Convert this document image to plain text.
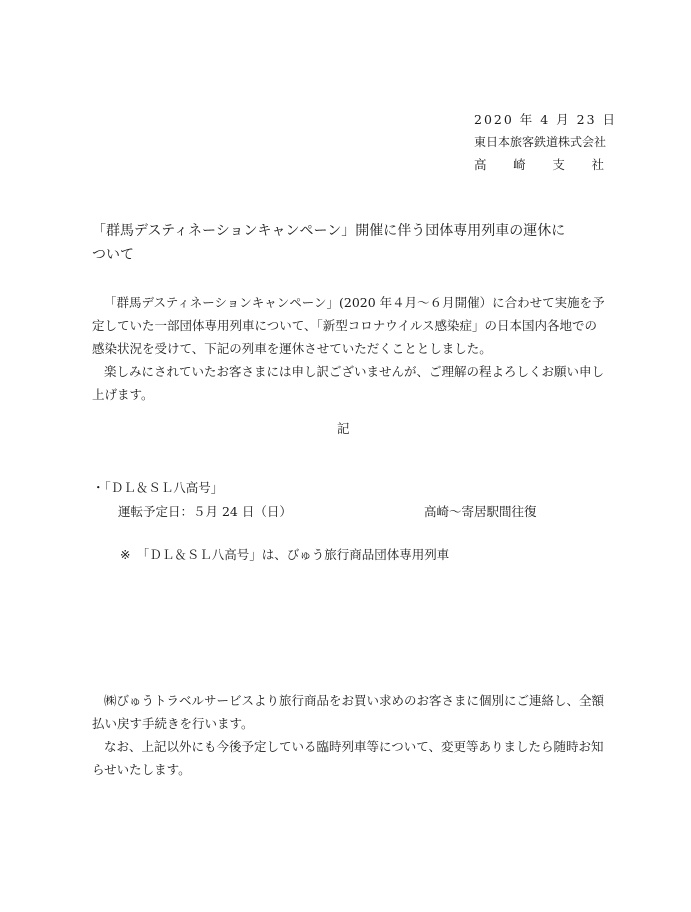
2020 年 4 月 23 日
東日本旅客鉄道株式会社
高　崎　支　社
「群馬デスティネーションキャンペーン」開催に伴う団体専用列車の運休に
ついて
「群馬デスティネーションキャンペーン」(2020 年４月～６月開催）に合わせて実施を予
定していた一部団体専用列車について、「新型コロナウイルス感染症」の日本国内各地での
感染状況を受けて、下記の列車を運休させていただくこととしました。
楽しみにされていたお客さまには申し訳ございませんが、ご理解の程よろしくお願い申し
上げます。
記
・「ＤＬ＆ＳＬ八高号」
運転予定日：５月 24 日（日）	高崎～寄居駅間往復
※　「ＤＬ＆ＳＬ八高号」は、びゅう旅行商品団体専用列車
㈱びゅうトラベルサービスより旅行商品をお買い求めのお客さまに個別にご連絡し、全額
払い戻す手続きを行います。
なお、上記以外にも今後予定している臨時列車等について、変更等ありましたら随時お知
らせいたします。
